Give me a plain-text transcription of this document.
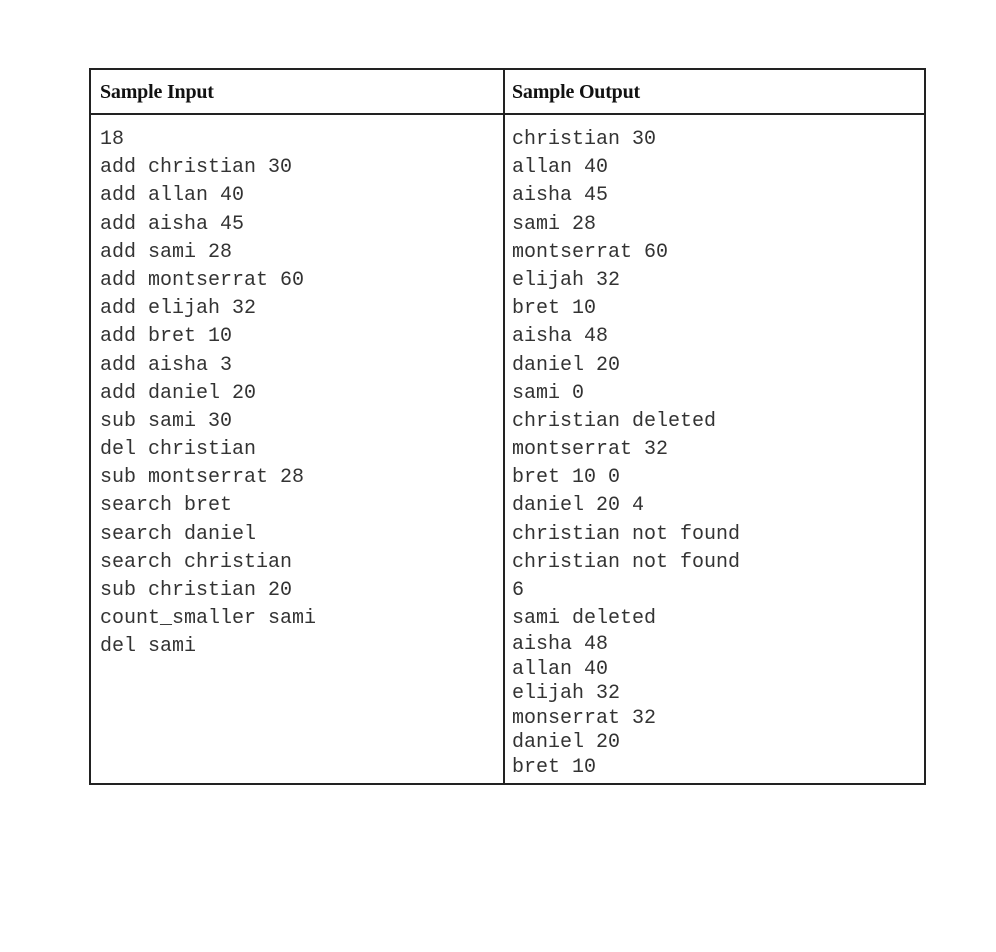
Sample Input	Sample Output
18
add christian 30
add allan 40
add aisha 45
add sami 28
add montserrat 60
add elijah 32
add bret 10
add aisha 3
add daniel 20
sub sami 30
del christian
sub montserrat 28
search bret
search daniel
search christian
sub christian 20
count_smaller sami
del sami
christian 30
allan 40
aisha 45
sami 28
montserrat 60
elijah 32
bret 10
aisha 48
daniel 20
sami 0
christian deleted
montserrat 32
bret 10 0
daniel 20 4
christian not found
christian not found
6
sami deleted
aisha 48
allan 40
elijah 32
monserrat 32
daniel 20
bret 10
